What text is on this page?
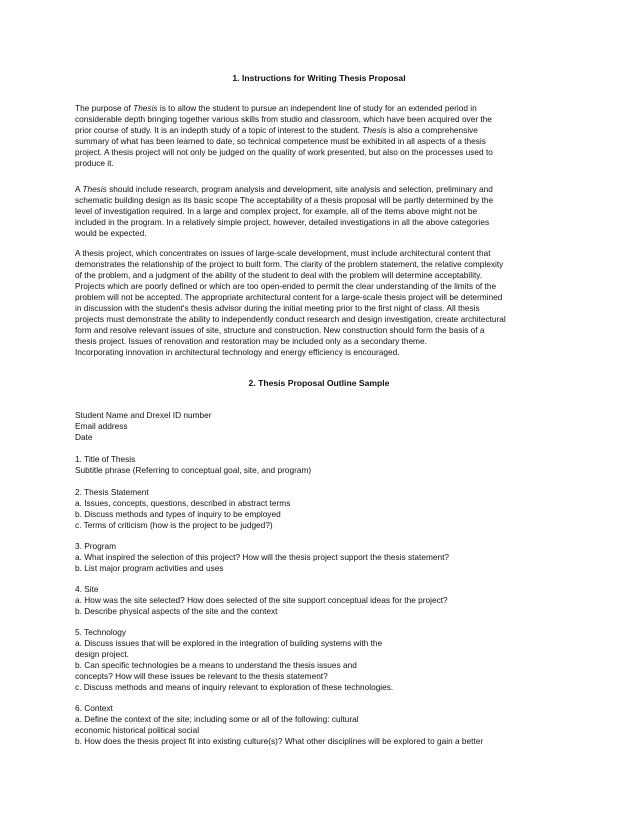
1. Instructions for Writing Thesis Proposal
The purpose of Thesis is to allow the student to pursue an independent line of study for an extended period in
considerable depth bringing together various skills from studio and classroom, which have been acquired over the
prior course of study. It is an indepth study of a topic of interest to the student. Thesis is also a comprehensive
summary of what has been learned to date, so technical competence must be exhibited in all aspects of a thesis
project. A thesis project will not only be judged on the quality of work presented, but also on the processes used to
produce it.
A Thesis should include research, program analysis and development, site analysis and selection, preliminary and
schematic building design as its basic scope The acceptability of a thesis proposal will be partly determined by the
level of investigation required. In a large and complex project, for example, all of the items above might not be
included in the program. In a relatively simple project, however, detailed investigations in all the above categories
would be expected.
A thesis project, which concentrates on issues of large-scale development, must include architectural content that
demonstrates the relationship of the project to built form. The clarity of the problem statement, the relative complexity
of the problem, and a judgment of the ability of the student to deal with the problem will determine acceptability.
Projects which are poorly defined or which are too open-ended to permit the clear understanding of the limits of the
problem will not be accepted. The appropriate architectural content for a large-scale thesis project will be determined
in discussion with the student's thesis advisor during the initial meeting prior to the first night of class. All thesis
projects must demonstrate the ability to independently conduct research and design investigation, create architectural
form and resolve relevant issues of site, structure and construction. New construction should form the basis of a
thesis project. Issues of renovation and restoration may be included only as a secondary theme.
Incorporating innovation in architectural technology and energy efficiency is encouraged.
2. Thesis Proposal Outline Sample
Student Name and Drexel ID number
Email address
Date
1. Title of Thesis
Subtitle phrase (Referring to conceptual goal, site, and program)
2. Thesis Statement
a. Issues, concepts, questions, described in abstract terms
b. Discuss methods and types of inquiry to be employed
c. Terms of criticism (how is the project to be judged?)
3. Program
a. What inspired the selection of this project? How will the thesis project support the thesis statement?
b. List major program activities and uses
4. Site
a. How was the site selected? How does selected of the site support conceptual ideas for the project?
b. Describe physical aspects of the site and the context
5. Technology
a. Discuss issues that will be explored in the integration of building systems with the
design project.
b. Can specific technologies be a means to understand the thesis issues and
concepts? How will these issues be relevant to the thesis statement?
c. Discuss methods and means of inquiry relevant to exploration of these technologies.
6. Context
a. Define the context of the site; including some or all of the following: cultural
economic historical political social
b. How does the thesis project fit into existing culture(s)? What other disciplines will be explored to gain a better
